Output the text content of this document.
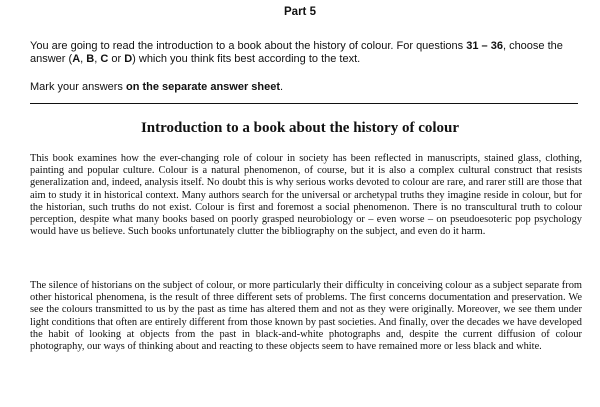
Part 5

You are going to read the introduction to a book about the history of colour. For questions 31 – 36, choose the answer (A, B, C or D) which you think fits best according to the text.

Mark your answers on the separate answer sheet.

Introduction to a book about the history of colour

This book examines how the ever-changing role of colour in society has been reflected in manuscripts, stained glass, clothing, painting and popular culture. Colour is a natural phenomenon, of course, but it is also a complex cultural construct that resists generalization and, indeed, analysis itself. No doubt this is why serious works devoted to colour are rare, and rarer still are those that aim to study it in historical context. Many authors search for the universal or archetypal truths they imagine reside in colour, but for the historian, such truths do not exist. Colour is first and foremost a social phenomenon. There is no transcultural truth to colour perception, despite what many books based on poorly grasped neurobiology or – even worse – on pseudoesoteric pop psychology would have us believe. Such books unfortunately clutter the bibliography on the subject, and even do it harm.

The silence of historians on the subject of colour, or more particularly their difficulty in conceiving colour as a subject separate from other historical phenomena, is the result of three different sets of problems. The first concerns documentation and preservation. We see the colours transmitted to us by the past as time has altered them and not as they were originally. Moreover, we see them under light conditions that often are entirely different from those known by past societies. And finally, over the decades we have developed the habit of looking at objects from the past in black-and-white photographs and, despite the current diffusion of colour photography, our ways of thinking about and reacting to these objects seem to have remained more or less black and white.
